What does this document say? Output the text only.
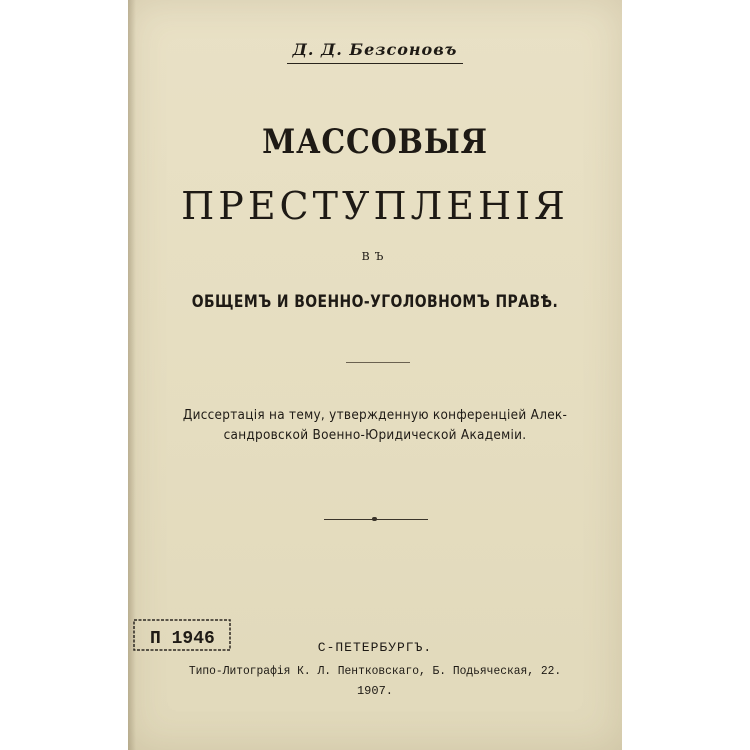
Д. Д. Безсоновъ
МАССОВЫЯ
ПРЕСТУПЛЕНІЯ
ВЪ
ОБЩЕМЪ И ВОЕННО-УГОЛОВНОМЪ ПРАВѢ.
Диссертація на тему, утвержденную конференціей Алек-
сандровской Военно-Юридической Академіи.
П 1946	С-ПЕТЕРБУРГЪ.
Типо-Литографія К. Л. Пентковскаго, Б. Подьяческая, 22.
1907.
